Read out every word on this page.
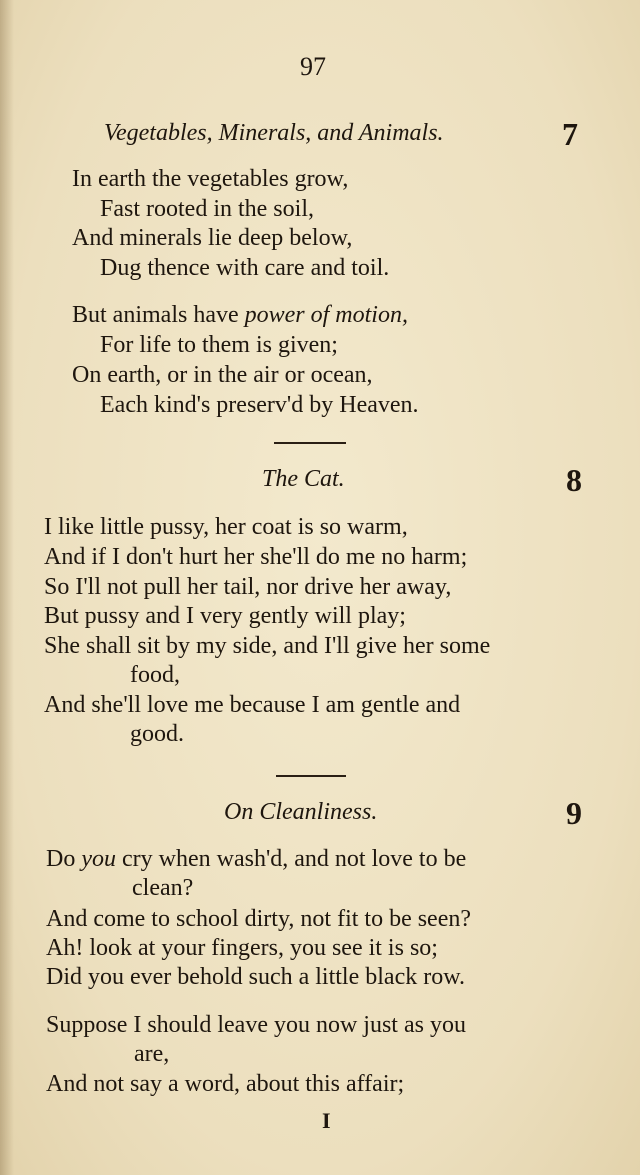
97
Vegetables, Minerals, and Animals.	7
In earth the vegetables grow,
Fast rooted in the soil,
And minerals lie deep below,
Dug thence with care and toil.
But animals have power of motion,
For life to them is given;
On earth, or in the air or ocean,
Each kind's preserv'd by Heaven.
The Cat.	8
I like little pussy, her coat is so warm,
And if I don't hurt her she'll do me no harm;
So I'll not pull her tail, nor drive her away,
But pussy and I very gently will play;
She shall sit by my side, and I'll give her some
food,
And she'll love me because I am gentle and
good.
On Cleanliness.	9
Do you cry when wash'd, and not love to be
clean?
And come to school dirty, not fit to be seen?
Ah! look at your fingers, you see it is so;
Did you ever behold such a little black row.
Suppose I should leave you now just as you
are,
And not say a word, about this affair;
I
